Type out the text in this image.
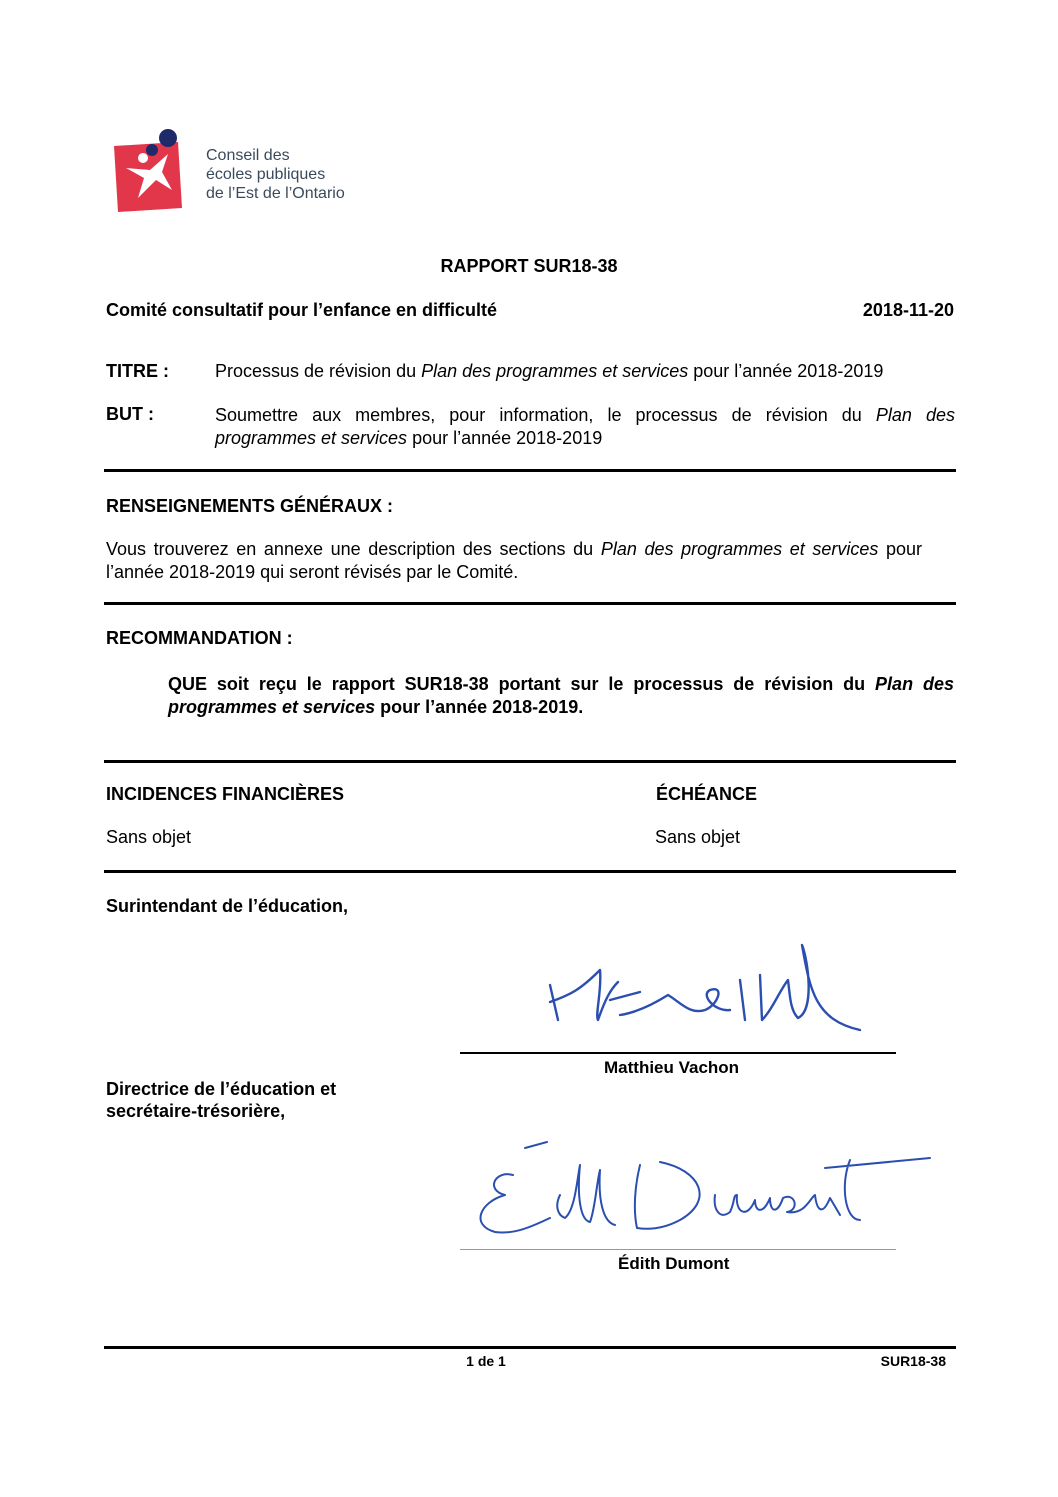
Conseil des
écoles publiques
de l’Est de l’Ontario
RAPPORT SUR18-38
Comité consultatif pour l’enfance en difficulté	2018-11-20
TITRE :	Processus de révision du Plan des programmes et services pour l’année 2018-2019
BUT :	Soumettre aux membres, pour information, le processus de révision du Plan des programmes et services pour l’année 2018-2019
RENSEIGNEMENTS GÉNÉRAUX :
Vous trouverez en annexe une description des sections du Plan des programmes et services pour l’année 2018-2019 qui seront révisés par le Comité.
RECOMMANDATION :
QUE soit reçu le rapport SUR18-38 portant sur le processus de révision du Plan des programmes et services pour l’année 2018-2019.
INCIDENCES FINANCIÈRES
Sans objet
ÉCHÉANCE
Sans objet
Surintendant de l’éducation,
Matthieu Vachon
Directrice de l’éducation et
secrétaire-trésorière,
Édith Dumont
1 de 1	SUR18-38
